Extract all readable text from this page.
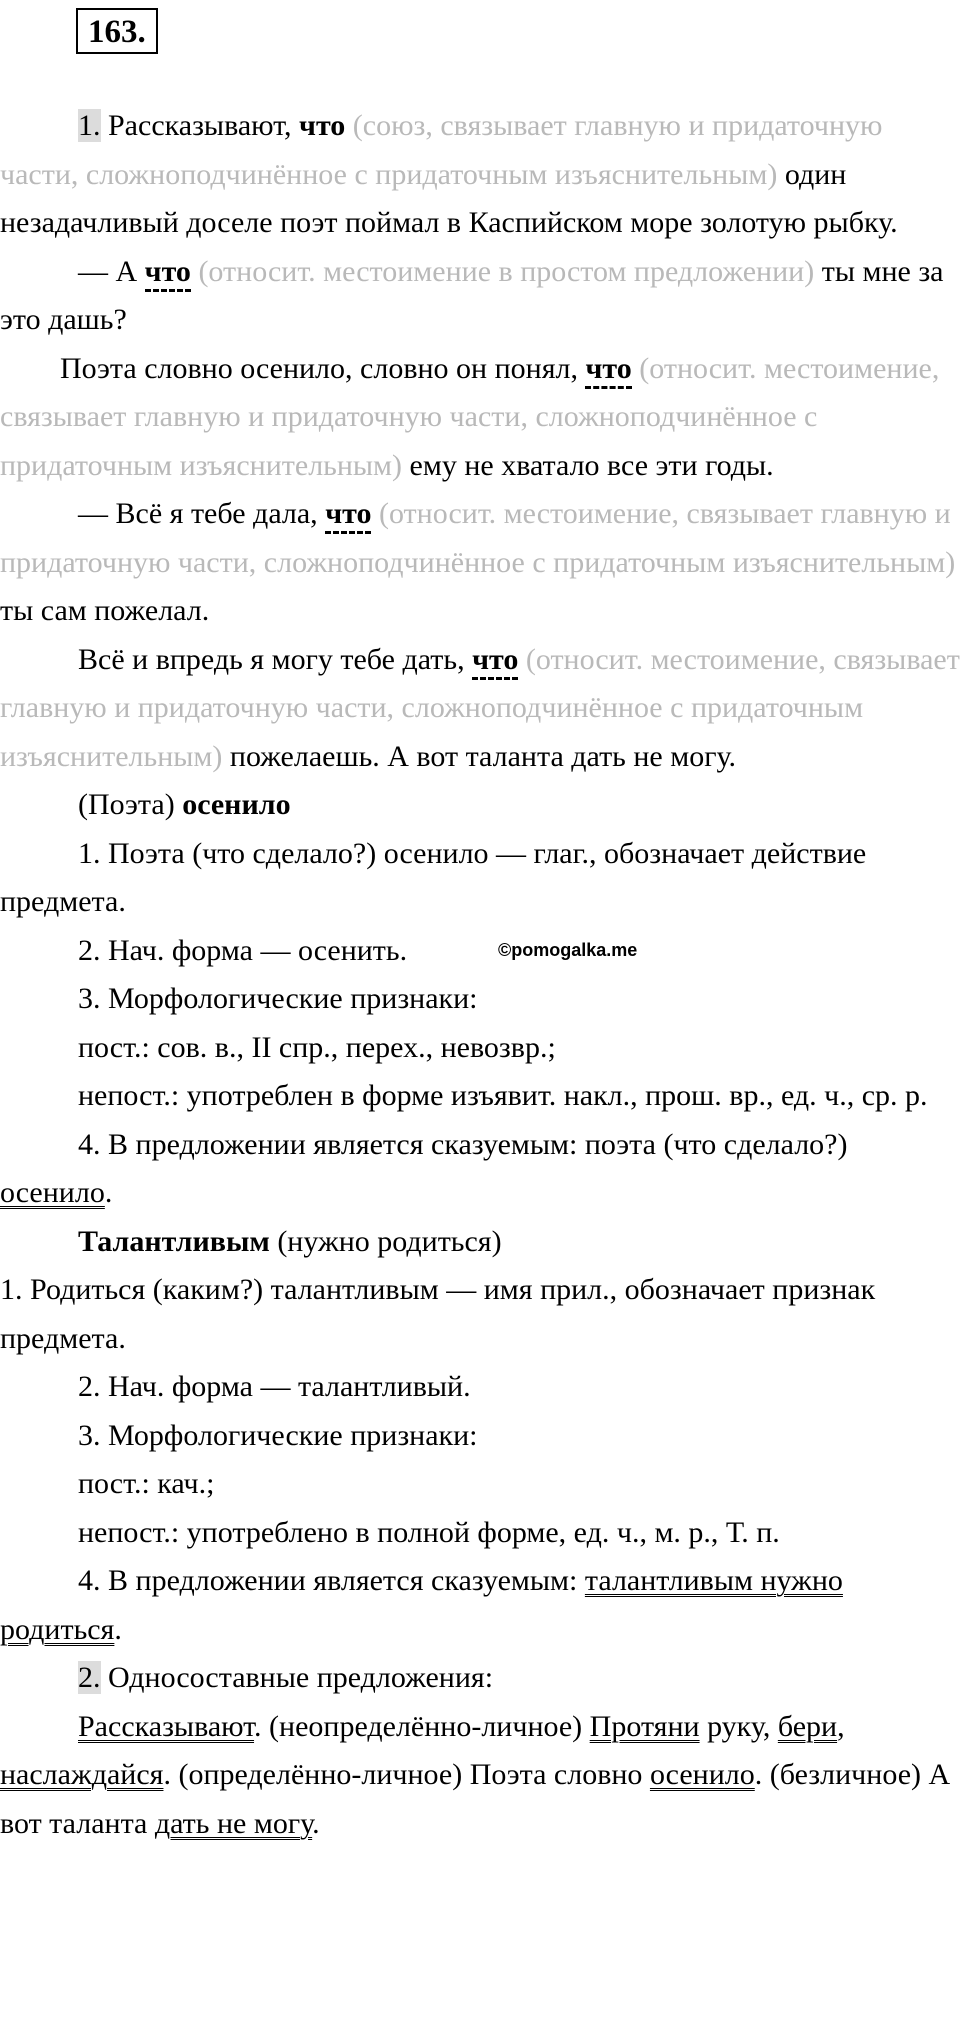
163.
©pomogalka.me

1. Рассказывают, что (союз, связывает главную и придаточную части, сложноподчинённое с придаточным изъяснительным) один незадачливый доселе поэт поймал в Каспийском море золотую рыбку.

— А что (относит. местоимение в простом предложении) ты мне за это дашь?

Поэта словно осенило, словно он понял, что (относит. местоимение, связывает главную и придаточную части, сложноподчинённое с придаточным изъяснительным) ему не хватало все эти годы.

— Всё я тебе дала, что (относит. местоимение, связывает главную и придаточную части, сложноподчинённое с придаточным изъяснительным) ты сам пожелал.

Всё и впредь я могу тебе дать, что (относит. местоимение, связывает главную и придаточную части, сложноподчинённое с придаточным изъяснительным) пожелаешь. А вот таланта дать не могу.

(Поэта) осенило

1. Поэта (что сделало?) осенило — глаг., обозначает действие предмета.

2. Нач. форма — осенить.

3. Морфологические признаки:

пост.: сов. в., II спр., перех., невозвр.;

непост.: употреблен в форме изъявит. накл., прош. вр., ед. ч., ср. р.

4. В предложении является сказуемым: поэта (что сделало?) осенило.

Талантливым (нужно родиться)

1. Родиться (каким?) талантливым — имя прил., обозначает признак предмета.

2. Нач. форма — талантливый.

3. Морфологические признаки:

пост.: кач.;

непост.: употреблено в полной форме, ед. ч., м. р., Т. п.

4. В предложении является сказуемым: талантливым нужно родиться.

2. Односоставные предложения:

Рассказывают. (неопределённо-личное) Протяни руку, бери, наслаждайся. (определённо-личное) Поэта словно осенило. (безличное) А вот таланта дать не могу.
